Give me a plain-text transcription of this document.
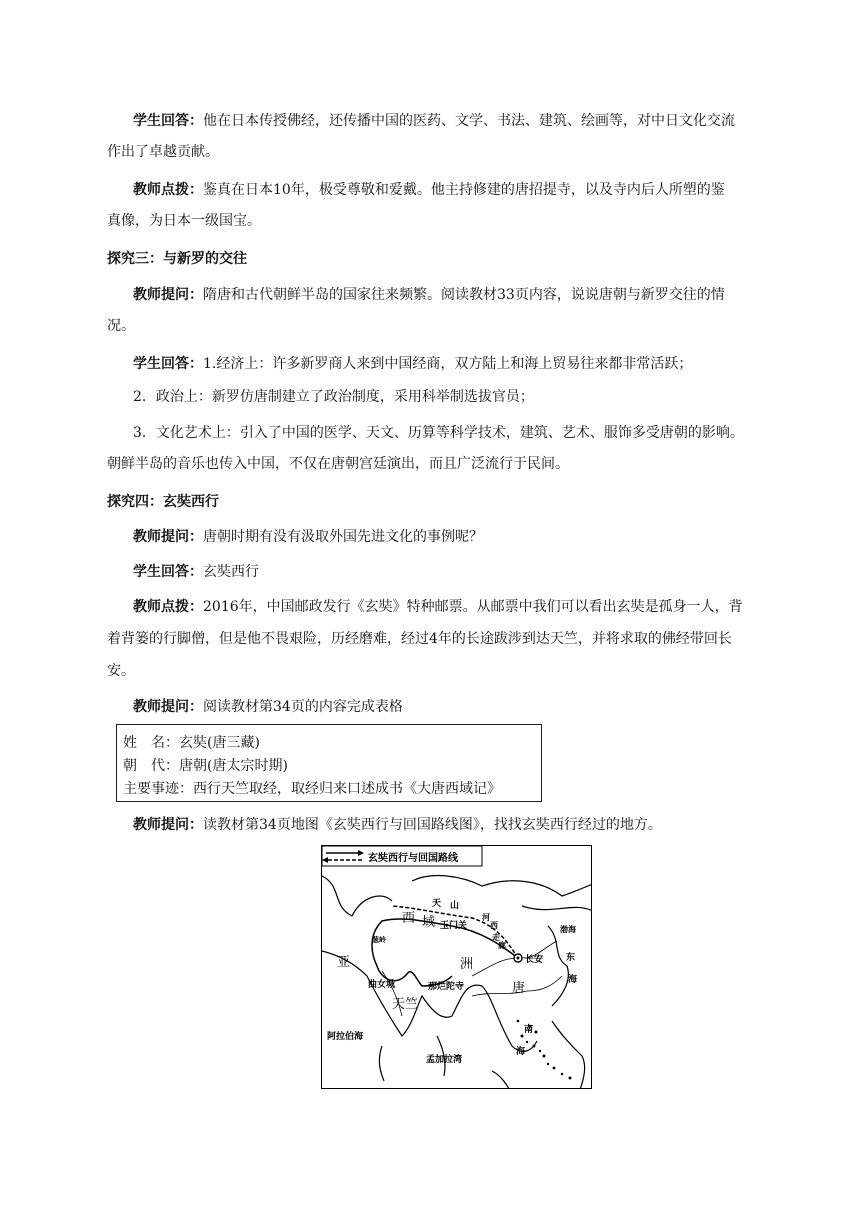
学生回答：他在日本传授佛经，还传播中国的医药、文学、书法、建筑、绘画等，对中日文化交流
作出了卓越贡献。
教师点拨：鉴真在日本10年，极受尊敬和爱戴。他主持修建的唐招提寺，以及寺内后人所塑的鉴
真像，为日本一级国宝。
探究三：与新罗的交往
教师提问：隋唐和古代朝鲜半岛的国家往来频繁。阅读教材33页内容，说说唐朝与新罗交往的情
况。
学生回答：1.经济上：许多新罗商人来到中国经商，双方陆上和海上贸易往来都非常活跃；
2．政治上：新罗仿唐制建立了政治制度，采用科举制选拔官员；
3．文化艺术上：引入了中国的医学、天文、历算等科学技术，建筑、艺术、服饰多受唐朝的影响。
朝鲜半岛的音乐也传入中国，不仅在唐朝宫廷演出，而且广泛流行于民间。
探究四：玄奘西行
教师提问：唐朝时期有没有汲取外国先进文化的事例呢？
学生回答：玄奘西行
教师点拨：2016年，中国邮政发行《玄奘》特种邮票。从邮票中我们可以看出玄奘是孤身一人，背
着背篓的行脚僧，但是他不畏艰险，历经磨难，经过4年的长途跋涉到达天竺，并将求取的佛经带回长
安。
教师提问：阅读教材第34页的内容完成表格
姓　名：玄奘(唐三藏)
朝　代：唐朝(唐太宗时期)
主要事迹：西行天竺取经，取经归来口述成书《大唐西域记》
教师提问：读教材第34页地图《玄奘西行与回国路线图》，找找玄奘西行经过的地方。
玄奘西行与回国路线
天 山
西 域 玉门关
河
西
走
廊
长安
葱岭
亚	洲
唐
曲女城	那烂陀寺
天竺
阿拉伯海
孟加拉湾
渤海
东
海
南
海
